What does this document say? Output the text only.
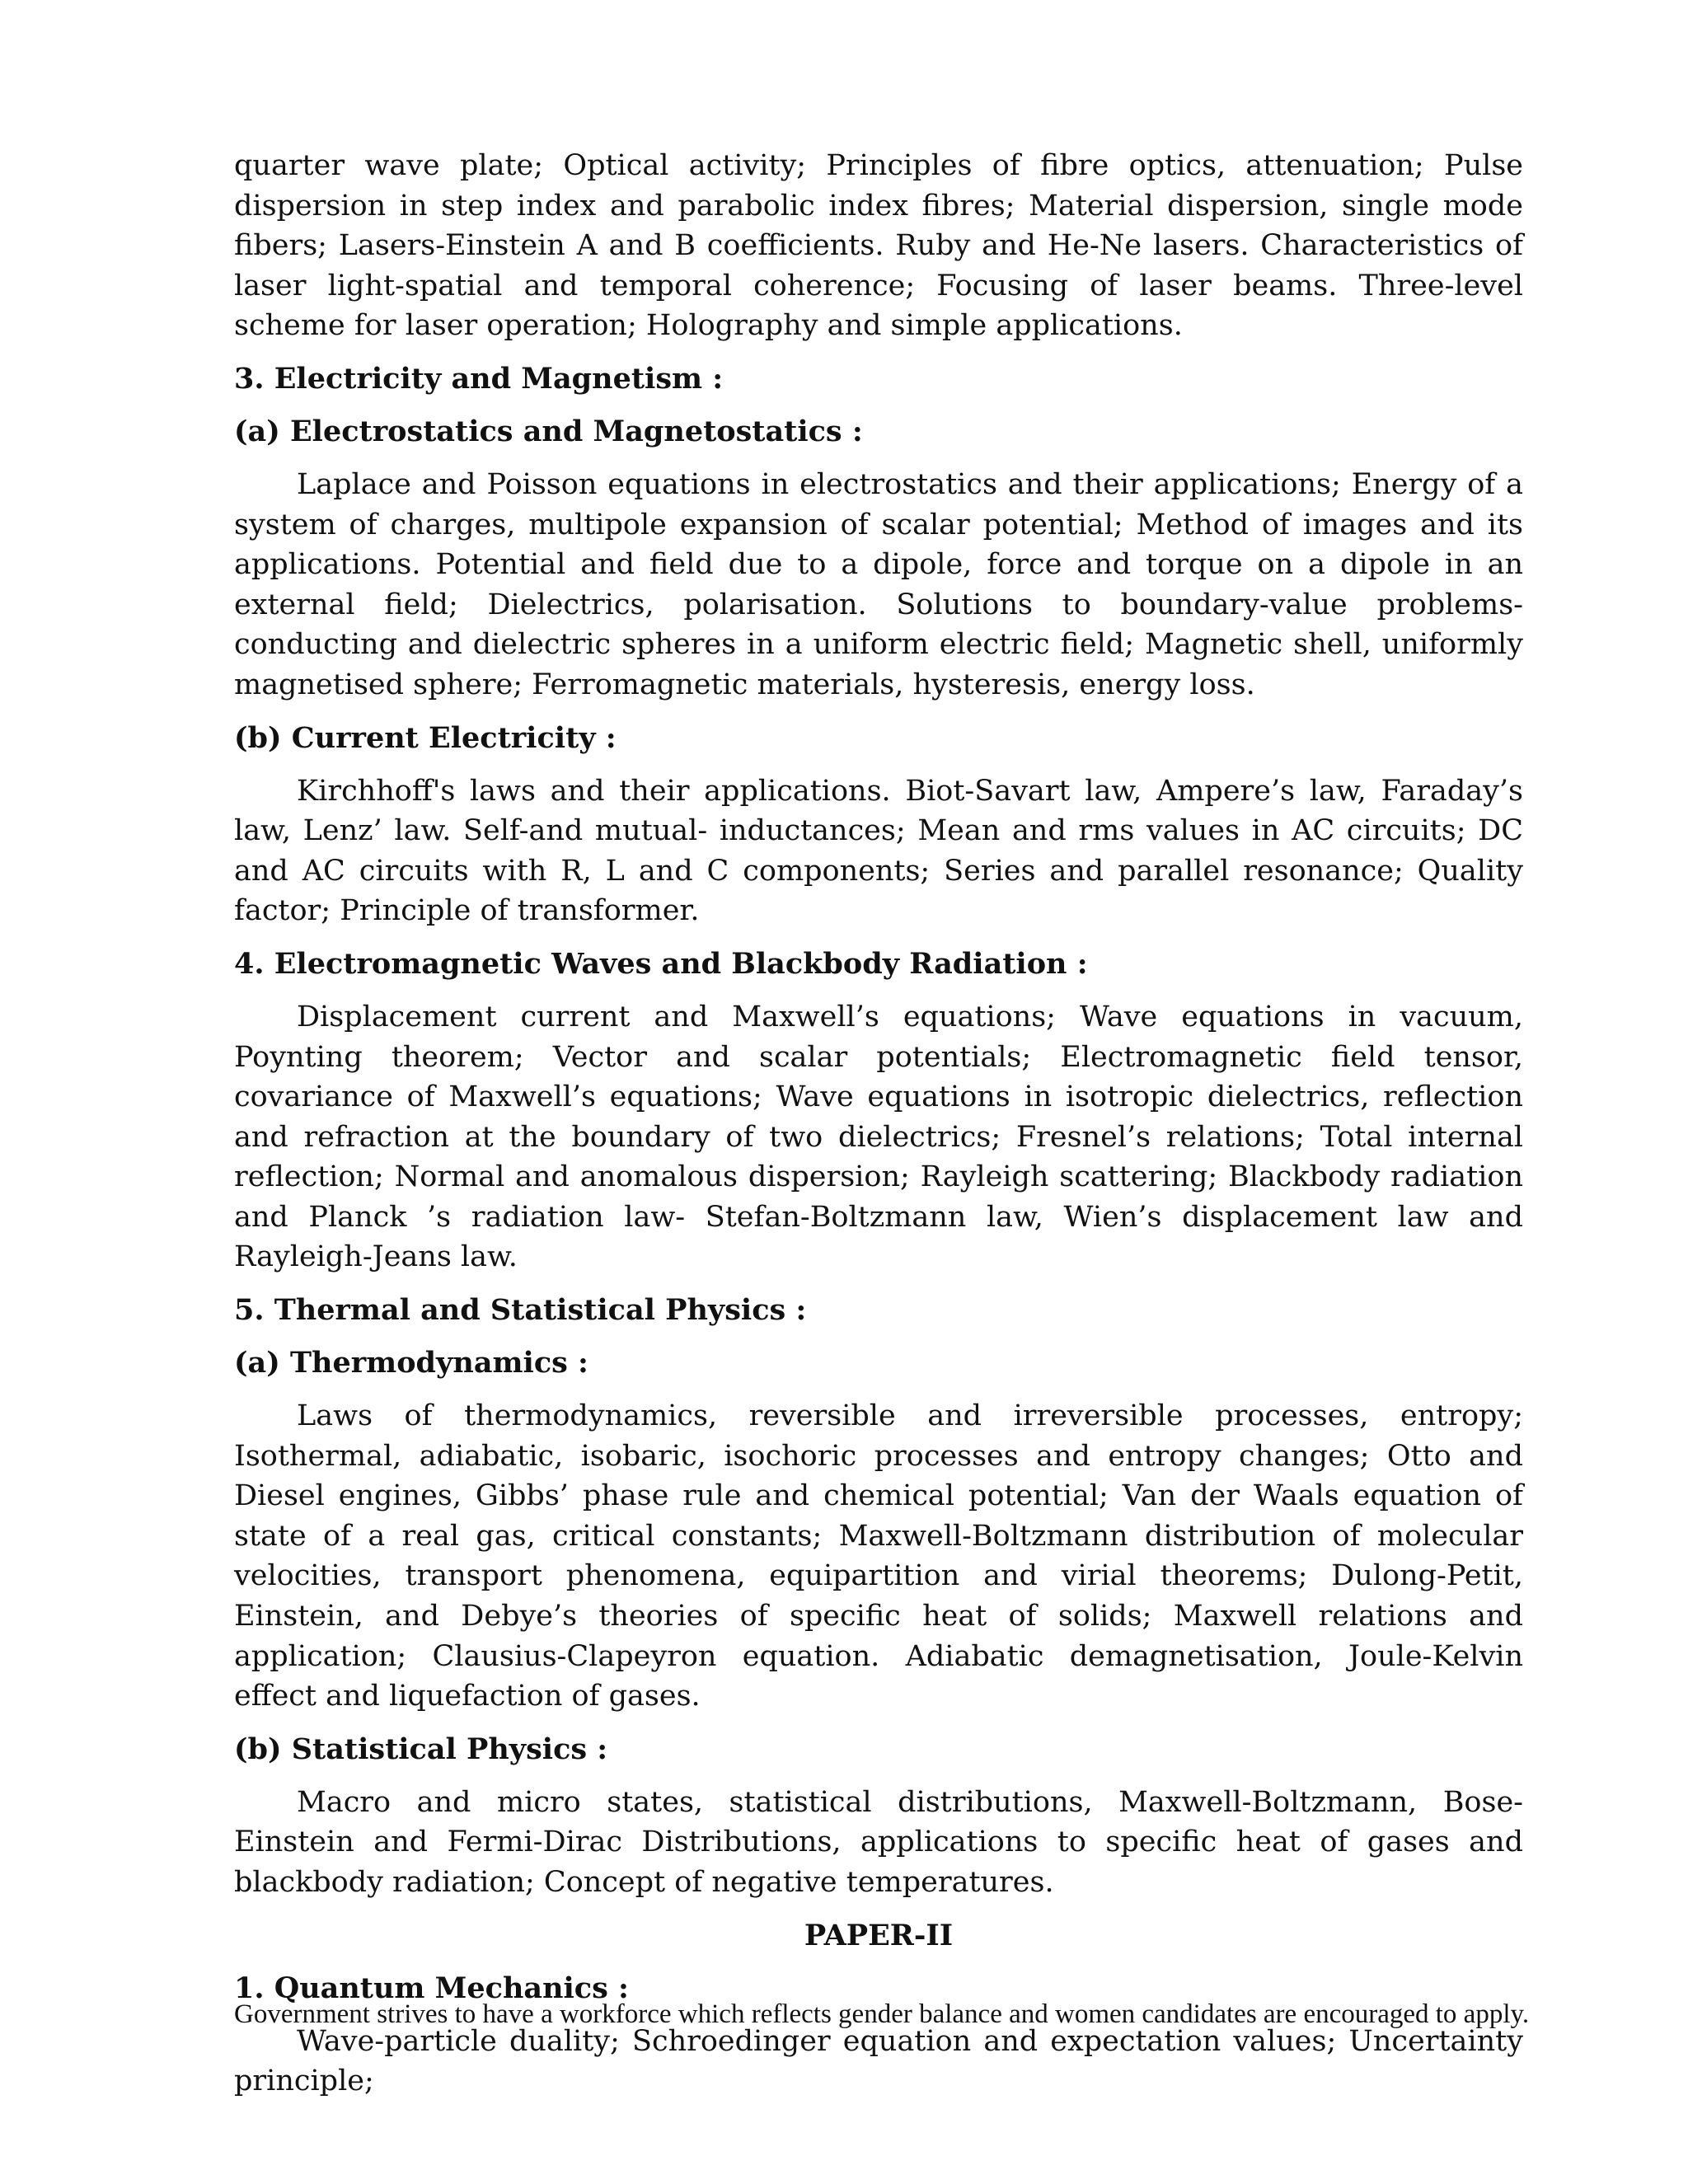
quarter wave plate; Optical activity; Principles of fibre optics, attenuation; Pulse dispersion in step index and parabolic index fibres; Material dispersion, single mode fibers; Lasers-Einstein A and B coefficients. Ruby and He-Ne lasers. Characteristics of laser light-spatial and temporal coherence; Focusing of laser beams. Three-level scheme for laser operation; Holography and simple applications.

3. Electricity and Magnetism :

(a) Electrostatics and Magnetostatics :

Laplace and Poisson equations in electrostatics and their applications; Energy of a system of charges, multipole expansion of scalar potential; Method of images and its applications. Potential and field due to a dipole, force and torque on a dipole in an external field; Dielectrics, polarisation. Solutions to boundary-value problems-conducting and dielectric spheres in a uniform electric field; Magnetic shell, uniformly magnetised sphere; Ferromagnetic materials, hysteresis, energy loss.

(b) Current Electricity :

Kirchhoff's laws and their applications. Biot-Savart law, Ampere’s law, Faraday’s law, Lenz’ law. Self-and mutual- inductances; Mean and rms values in AC circuits; DC and AC circuits with R, L and C components; Series and parallel resonance; Quality factor; Principle of transformer.

4. Electromagnetic Waves and Blackbody Radiation :

Displacement current and Maxwell’s equations; Wave equations in vacuum, Poynting theorem; Vector and scalar potentials; Electromagnetic field tensor, covariance of Maxwell’s equations; Wave equations in isotropic dielectrics, reflection and refraction at the boundary of two dielectrics; Fresnel’s relations; Total internal reflection; Normal and anomalous dispersion; Rayleigh scattering; Blackbody radiation and Planck ’s radiation law- Stefan-Boltzmann law, Wien’s displacement law and Rayleigh-Jeans law.

5. Thermal and Statistical Physics :

(a) Thermodynamics :

Laws of thermodynamics, reversible and irreversible processes, entropy; Isothermal, adiabatic, isobaric, isochoric processes and entropy changes; Otto and Diesel engines, Gibbs’ phase rule and chemical potential; Van der Waals equation of state of a real gas, critical constants; Maxwell-Boltzmann distribution of molecular velocities, transport phenomena, equipartition and virial theorems; Dulong-Petit, Einstein, and Debye’s theories of specific heat of solids; Maxwell relations and application; Clausius-Clapeyron equation. Adiabatic demagnetisation, Joule-Kelvin effect and liquefaction of gases.

(b) Statistical Physics :

Macro and micro states, statistical distributions, Maxwell-Boltzmann, Bose-Einstein and Fermi-Dirac Distributions, applications to specific heat of gases and blackbody radiation; Concept of negative temperatures.

PAPER-II

1. Quantum Mechanics :

Wave-particle duality; Schroedinger equation and expectation values; Uncertainty principle;

Government strives to have a workforce which reflects gender balance and women candidates are encouraged to apply.
